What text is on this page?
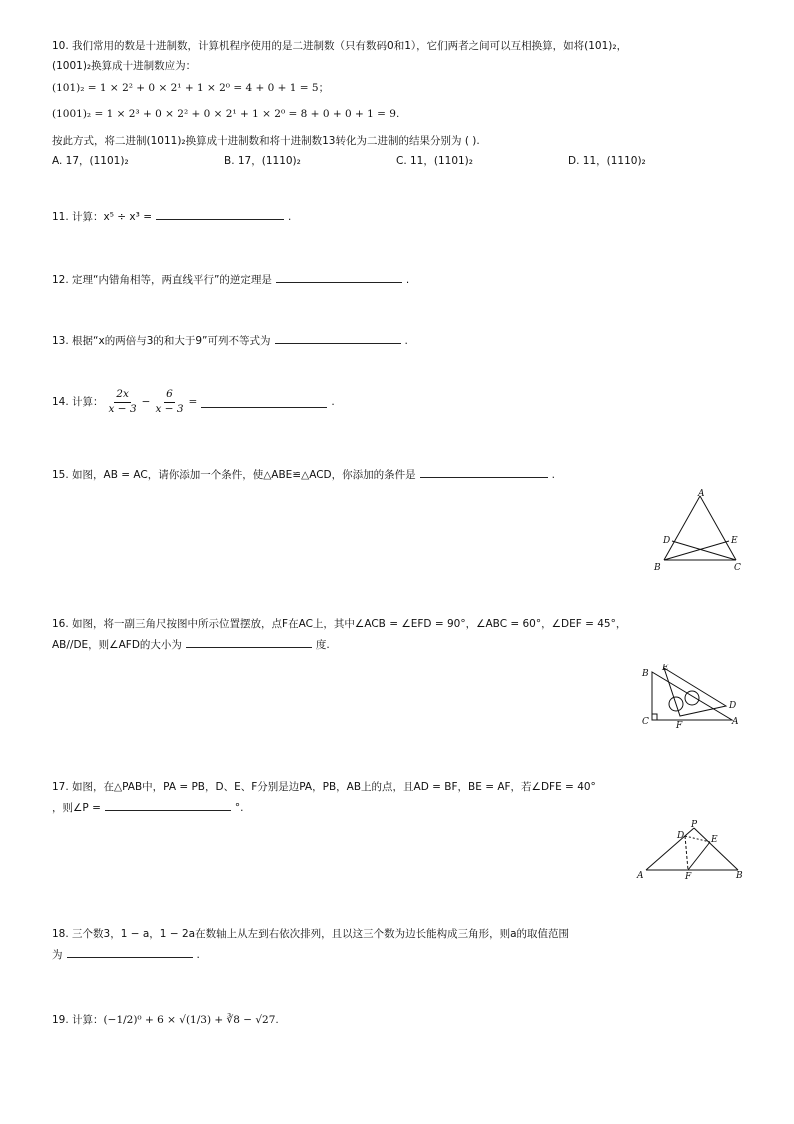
10. 我们常用的数是十进制数，计算机程序使用的是二进制数（只有数码0和1），它们两者之间可以互相换算，如将(101)₂，
(1001)₂换算成十进制数应为：
(101)₂ = 1 × 2² + 0 × 2¹ + 1 × 2⁰ = 4 + 0 + 1 = 5；
(1001)₂ = 1 × 2³ + 0 × 2² + 0 × 2¹ + 1 × 2⁰ = 8 + 0 + 0 + 1 = 9.
按此方式，将二进制(1011)₂换算成十进制数和将十进制数13转化为二进制的结果分别为 ( ).
A. 17，(1101)₂	B. 17，(1110)₂	C. 11，(1101)₂	D. 11，(1110)₂
11. 计算：x⁵ ÷ x³ =	.
12. 定理“内错角相等，两直线平行”的逆定理是	.
13. 根据“x的两倍与3的和大于9”可列不等式为	.
14. 计算： $\frac{2x}{x - 3} - \frac{6}{x - 3}$ =	.
15. 如图，AB = AC，请你添加一个条件，使△ABE≌△ACD，你添加的条件是	.
A
B	C
D	E
16. 如图，将一副三角尺按图中所示位置摆放，点F在AC上，其中∠ACB = ∠EFD = 90°，∠ABC = 60°，∠DEF = 45°，
AB//DE，则∠AFD的大小为	度.
B
E
D
C	F	A
17. 如图，在△PAB中，PA = PB，D、E、F分别是边PA，PB，AB上的点，且AD = BF，BE = AF，若∠DFE = 40°
，则∠P =	°.
P
D	E
A	F	B
18. 三个数3，1 − a，1 − 2a在数轴上从左到右依次排列，且以这三个数为边长能构成三角形，则a的取值范围
为	.
19. 计算：(−1/2)⁰ + 6 × √(1/3) + ∛8 − √27.
